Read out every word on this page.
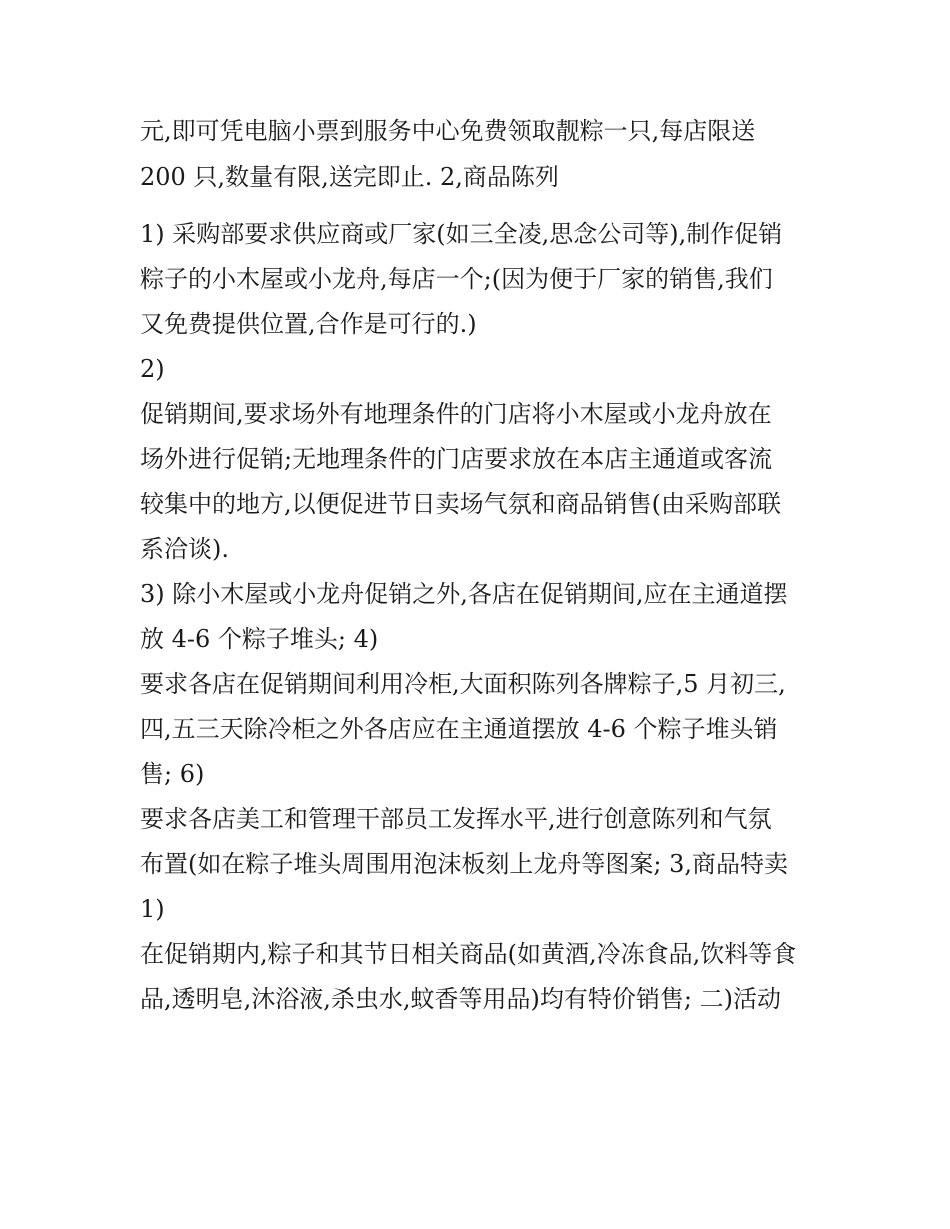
元,即可凭电脑小票到服务中心免费领取靓粽一只,每店限送

200 只,数量有限,送完即止. 2,商品陈列

1) 采购部要求供应商或厂家(如三全凌,思念公司等),制作促销

粽子的小木屋或小龙舟,每店一个;(因为便于厂家的销售,我们

又免费提供位置,合作是可行的.)

2)

促销期间,要求场外有地理条件的门店将小木屋或小龙舟放在

场外进行促销;无地理条件的门店要求放在本店主通道或客流

较集中的地方,以便促进节日卖场气氛和商品销售(由采购部联

系洽谈).

3) 除小木屋或小龙舟促销之外,各店在促销期间,应在主通道摆

放 4-6 个粽子堆头; 4)

要求各店在促销期间利用冷柜,大面积陈列各牌粽子,5 月初三,

四,五三天除冷柜之外各店应在主通道摆放 4-6 个粽子堆头销

售; 6)

要求各店美工和管理干部员工发挥水平,进行创意陈列和气氛

布置(如在粽子堆头周围用泡沫板刻上龙舟等图案; 3,商品特卖

1)

在促销期内,粽子和其节日相关商品(如黄酒,冷冻食品,饮料等食

品,透明皂,沐浴液,杀虫水,蚊香等用品)均有特价销售; 二)活动
